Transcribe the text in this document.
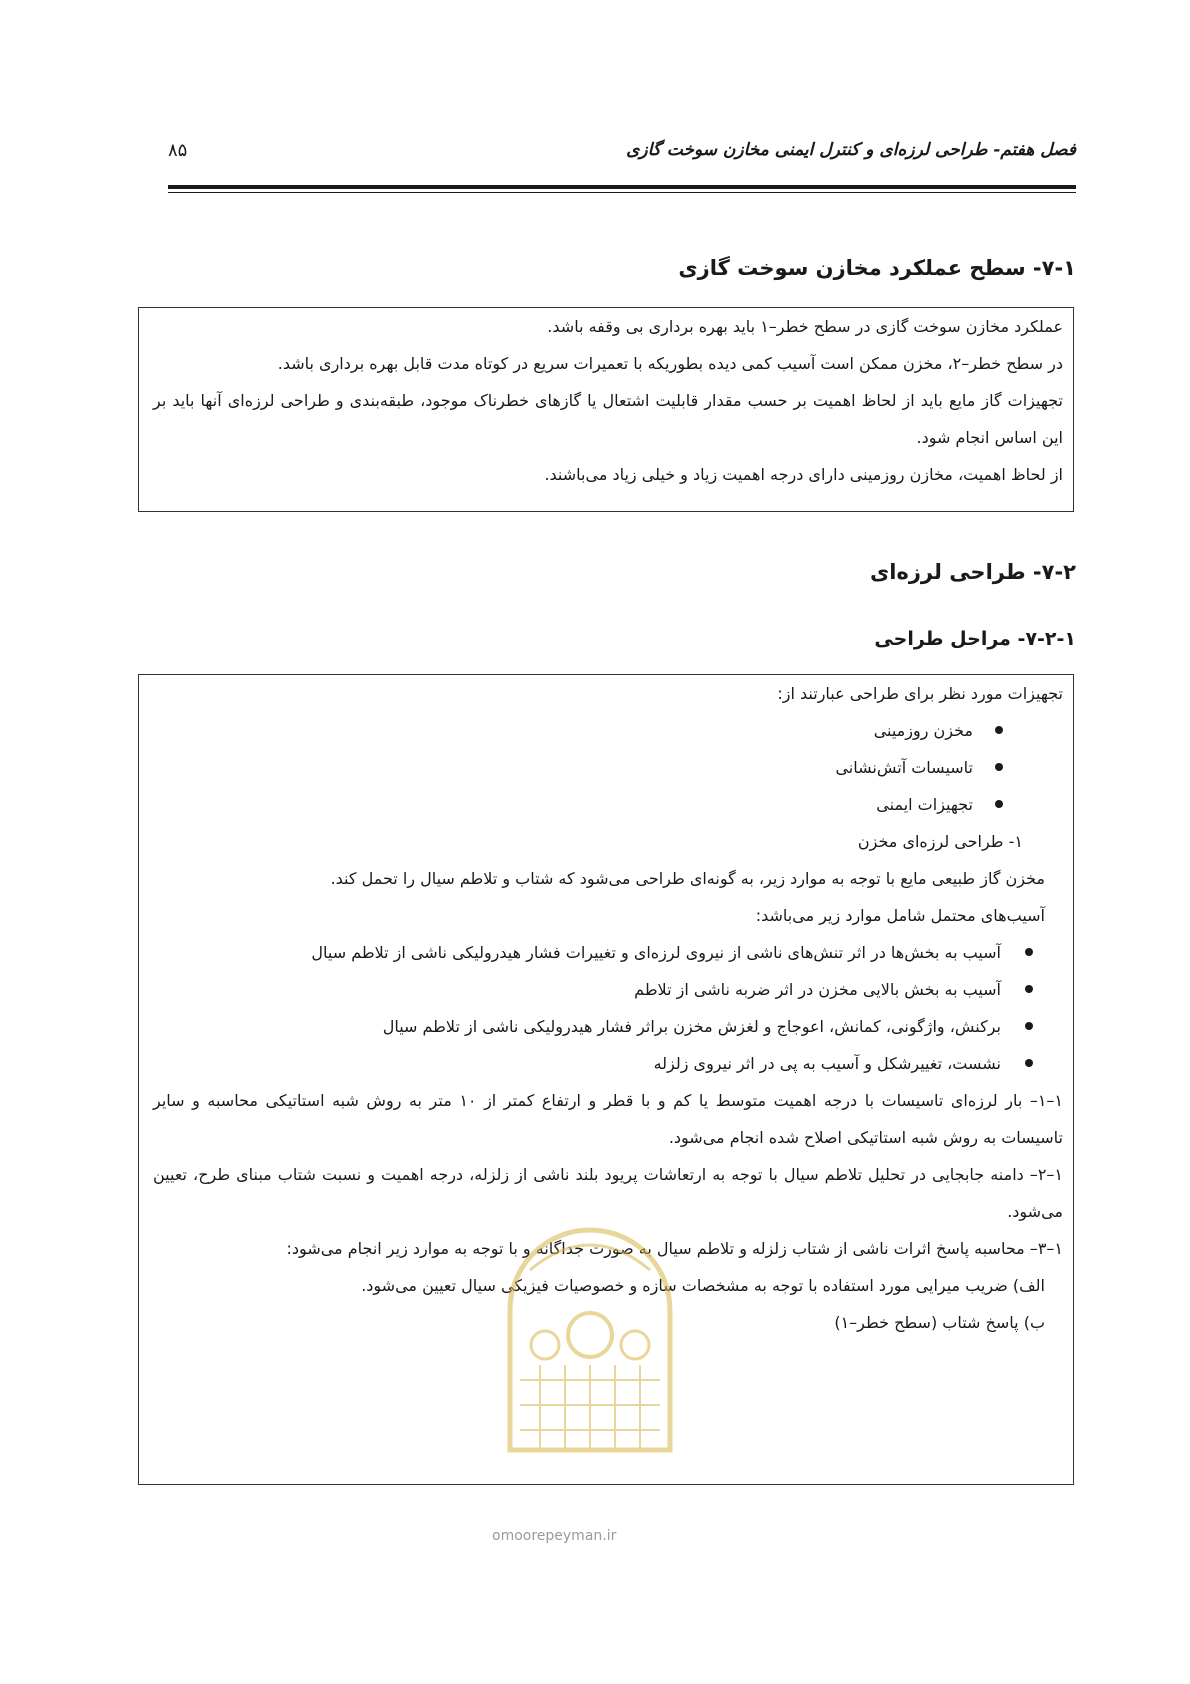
فصل هفتم- طراحی لرزه‌ای و کنترل ایمنی مخازن سوخت گازی
۸۵
۷-۱- سطح عملکرد مخازن سوخت گازی

عملکرد مخازن سوخت گازی در سطح خطر–۱ باید بهره برداری بی وقفه باشد.

در سطح خطر–۲، مخزن ممکن است آسیب کمی دیده بطوریکه با تعمیرات سریع در کوتاه مدت قابل بهره برداری باشد.

تجهیزات گاز مایع باید از لحاظ اهمیت بر حسب مقدار قابلیت اشتعال یا گازهای خطرناک موجود، طبقه‌بندی و طراحی لرزه‌ای آنها باید بر این اساس انجام شود.

از لحاظ اهمیت، مخازن روزمینی دارای درجه اهمیت زیاد و خیلی زیاد می‌باشند.

۷-۲- طراحی لرزه‌ای
۷-۲-۱- مراحل طراحی

تجهیزات مورد نظر برای طراحی عبارتند از:

مخزن روزمینی
تاسیسات آتش‌نشانی
تجهیزات ایمنی

۱- طراحی لرزه‌ای مخزن

مخزن گاز طبیعی مایع با توجه به موارد زیر، به گونه‌ای طراحی می‌شود که شتاب و تلاطم سیال را تحمل کند.

آسیب‌های محتمل شامل موارد زیر می‌باشد:

آسیب به بخش‌ها در اثر تنش‌های ناشی از نیروی لرزه‌ای و تغییرات فشار هیدرولیکی ناشی از تلاطم سیال
آسیب به بخش بالایی مخزن در اثر ضربه ناشی از تلاطم
برکنش، واژگونی، کمانش، اعوجاج و لغزش مخزن براثر فشار هیدرولیکی ناشی از تلاطم سیال
نشست، تغییرشکل و آسیب به پی در اثر نیروی زلزله

۱–۱– بار لرزه‌ای تاسیسات با درجه اهمیت متوسط یا کم و با قطر و ارتفاع کمتر از ۱۰ متر به روش شبه استاتیکی محاسبه و سایر تاسیسات به روش شبه استاتیکی اصلاح شده انجام می‌شود.

۱–۲– دامنه جابجایی در تحلیل تلاطم سیال با توجه به ارتعاشات پریود بلند ناشی از زلزله، درجه اهمیت و نسبت شتاب مبنای طرح، تعیین می‌شود.

۱–۳– محاسبه پاسخ اثرات ناشی از شتاب زلزله و تلاطم سیال به صورت جداگانه و با توجه به موارد زیر انجام می‌شود:

الف) ضریب میرایی مورد استفاده با توجه به مشخصات سازه و خصوصیات فیزیکی سیال تعیین می‌شود.

ب) پاسخ شتاب (سطح خطر–۱)

omoorepeyman.ir
